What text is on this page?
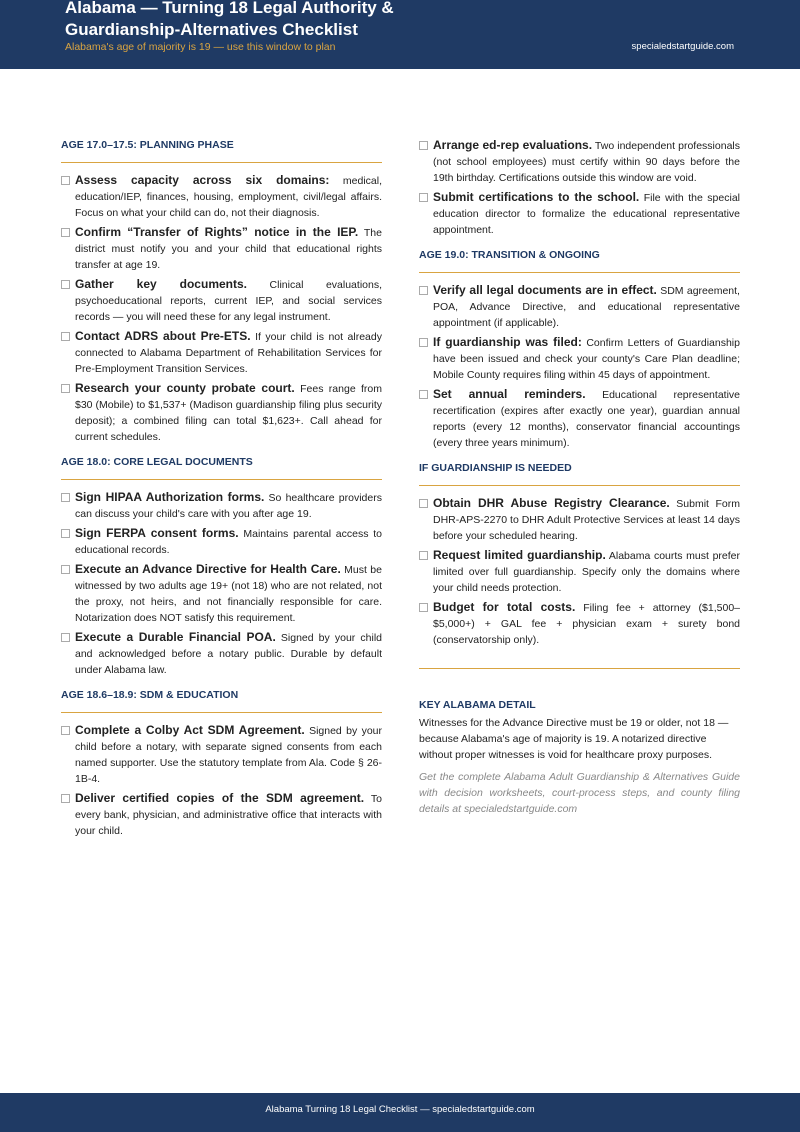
Alabama — Turning 18 Legal Authority & Guardianship-Alternatives Checklist
Alabama's age of majority is 19 — use this window to plan	specialedstartguide.com
AGE 17.0–17.5: PLANNING PHASE
Assess capacity across six domains: medical, education/IEP, finances, housing, employment, civil/legal affairs. Focus on what your child can do, not their diagnosis.
Confirm “Transfer of Rights” notice in the IEP. The district must notify you and your child that educational rights transfer at age 19.
Gather key documents. Clinical evaluations, psychoeducational reports, current IEP, and social services records — you will need these for any legal instrument.
Contact ADRS about Pre-ETS. If your child is not already connected to Alabama Department of Rehabilitation Services for Pre-Employment Transition Services.
Research your county probate court. Fees range from $30 (Mobile) to $1,537+ (Madison guardianship filing plus security deposit); a combined filing can total $1,623+. Call ahead for current schedules.
AGE 18.0: CORE LEGAL DOCUMENTS
Sign HIPAA Authorization forms. So healthcare providers can discuss your child's care with you after age 19.
Sign FERPA consent forms. Maintains parental access to educational records.
Execute an Advance Directive for Health Care. Must be witnessed by two adults age 19+ (not 18) who are not related, not the proxy, not heirs, and not financially responsible for care. Notarization does NOT satisfy this requirement.
Execute a Durable Financial POA. Signed by your child and acknowledged before a notary public. Durable by default under Alabama law.
AGE 18.6–18.9: SDM & EDUCATION
Complete a Colby Act SDM Agreement. Signed by your child before a notary, with separate signed consents from each named supporter. Use the statutory template from Ala. Code § 26-1B-4.
Deliver certified copies of the SDM agreement. To every bank, physician, and administrative office that interacts with your child.
Arrange ed-rep evaluations. Two independent professionals (not school employees) must certify within 90 days before the 19th birthday. Certifications outside this window are void.
Submit certifications to the school. File with the special education director to formalize the educational representative appointment.
AGE 19.0: TRANSITION & ONGOING
Verify all legal documents are in effect. SDM agreement, POA, Advance Directive, and educational representative appointment (if applicable).
If guardianship was filed: Confirm Letters of Guardianship have been issued and check your county's Care Plan deadline; Mobile County requires filing within 45 days of appointment.
Set annual reminders. Educational representative recertification (expires after exactly one year), guardian annual reports (every 12 months), conservator financial accountings (every three years minimum).
IF GUARDIANSHIP IS NEEDED
Obtain DHR Abuse Registry Clearance. Submit Form DHR-APS-2270 to DHR Adult Protective Services at least 14 days before your scheduled hearing.
Request limited guardianship. Alabama courts must prefer limited over full guardianship. Specify only the domains where your child needs protection.
Budget for total costs. Filing fee + attorney ($1,500–$5,000+) + GAL fee + physician exam + surety bond (conservatorship only).
KEY ALABAMA DETAIL
Witnesses for the Advance Directive must be 19 or older, not 18 — because Alabama's age of majority is 19. A notarized directive without proper witnesses is void for healthcare proxy purposes.
Get the complete Alabama Adult Guardianship & Alternatives Guide with decision worksheets, court-process steps, and county filing details at specialedstartguide.com
Alabama Turning 18 Legal Checklist — specialedstartguide.com
